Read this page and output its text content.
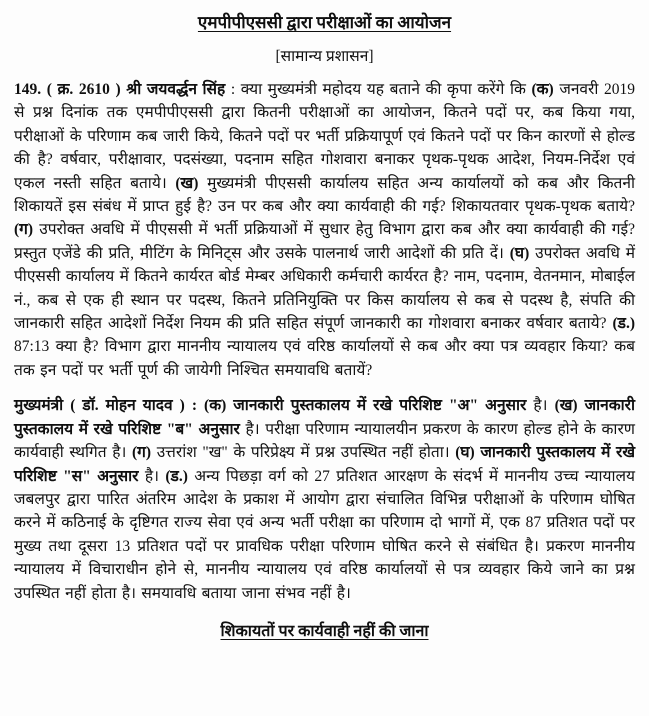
एमपीपीएससी द्वारा परीक्षाओं का आयोजन
[सामान्य प्रशासन]

149. ( क्र. 2610 ) श्री जयवर्द्धन सिंह : क्या मुख्यमंत्री महोदय यह बताने की कृपा करेंगे कि (क) जनवरी 2019 से प्रश्न दिनांक तक एमपीपीएससी द्वारा कितनी परीक्षाओं का आयोजन, कितने पदों पर, कब किया गया, परीक्षाओं के परिणाम कब जारी किये, कितने पदों पर भर्ती प्रक्रियापूर्ण एवं कितने पदों पर किन कारणों से होल्ड की है? वर्षवार, परीक्षावार, पदसंख्या, पदनाम सहित गोशवारा बनाकर पृथक-पृथक आदेश, नियम-निर्देश एवं एकल नस्ती सहित बताये। (ख) मुख्यमंत्री पीएससी कार्यालय सहित अन्य कार्यालयों को कब और कितनी शिकायतें इस संबंध में प्राप्त हुई है? उन पर कब और क्या कार्यवाही की गई? शिकायतवार पृथक-पृथक बताये? (ग) उपरोक्त अवधि में पीएससी में भर्ती प्रक्रियाओं में सुधार हेतु विभाग द्वारा कब और क्या कार्यवाही की गई? प्रस्तुत एजेंडे की प्रति, मीटिंग के मिनिट्स और उसके पालनार्थ जारी आदेशों की प्रति दें। (घ) उपरोक्त अवधि में पीएससी कार्यालय में कितने कार्यरत बोर्ड मेम्बर अधिकारी कर्मचारी कार्यरत है? नाम, पदनाम, वेतनमान, मोबाईल नं., कब से एक ही स्थान पर पदस्थ, कितने प्रतिनियुक्ति पर किस कार्यालय से कब से पदस्थ है, संपति की जानकारी सहित आदेशों निर्देश नियम की प्रति सहित संपूर्ण जानकारी का गोशवारा बनाकर वर्षवार बताये? (ड.) 87:13 क्या है? विभाग द्वारा माननीय न्यायालय एवं वरिष्ठ कार्यालयों से कब और क्या पत्र व्यवहार किया? कब तक इन पदों पर भर्ती पूर्ण की जायेगी निश्चित समयावधि बतायें?

मुख्यमंत्री ( डॉ. मोहन यादव ) : (क) जानकारी पुस्तकालय में रखे परिशिष्ट "अ" अनुसार है। (ख) जानकारी पुस्तकालय में रखे परिशिष्ट "ब" अनुसार है। परीक्षा परिणाम न्यायालयीन प्रकरण के कारण होल्ड होने के कारण कार्यवाही स्थगित है। (ग) उत्तरांश "ख" के परिप्रेक्ष्य में प्रश्न उपस्थित नहीं होता। (घ) जानकारी पुस्तकालय में रखे परिशिष्ट "स" अनुसार है। (ड.) अन्य पिछड़ा वर्ग को 27 प्रतिशत आरक्षण के संदर्भ में माननीय उच्च न्यायालय जबलपुर द्वारा पारित अंतरिम आदेश के प्रकाश में आयोग द्वारा संचालित विभिन्न परीक्षाओं के परिणाम घोषित करने में कठिनाई के दृष्टिगत राज्य सेवा एवं अन्य भर्ती परीक्षा का परिणाम दो भागों में, एक 87 प्रतिशत पदों पर मुख्य तथा दूसरा 13 प्रतिशत पदों पर प्रावधिक परीक्षा परिणाम घोषित करने से संबंधित है। प्रकरण माननीय न्यायालय में विचाराधीन होने से, माननीय न्यायालय एवं वरिष्ठ कार्यालयों से पत्र व्यवहार किये जाने का प्रश्न उपस्थित नहीं होता है। समयावधि बताया जाना संभव नहीं है।

शिकायतों पर कार्यवाही नहीं की जाना
